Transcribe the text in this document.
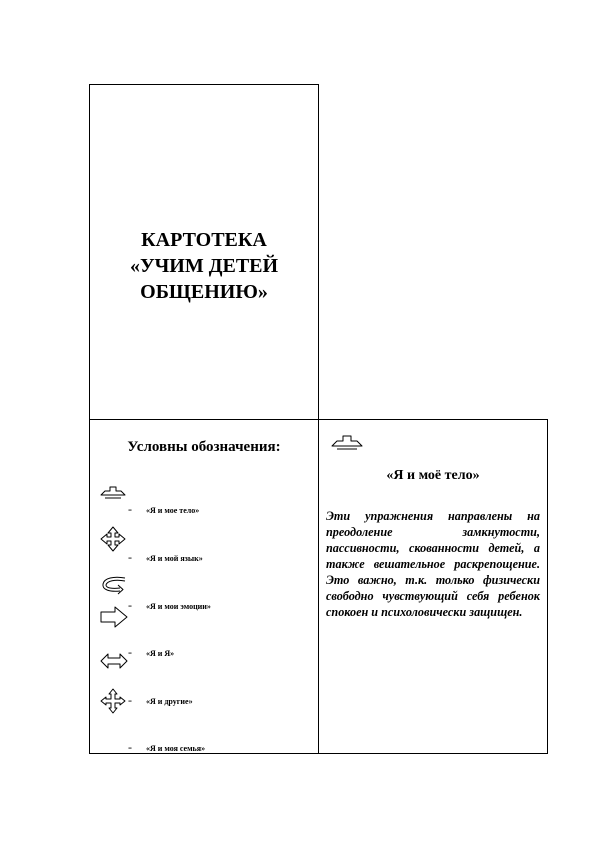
КАРТОТЕКА
«УЧИМ ДЕТЕЙ
ОБЩЕНИЮ»
Условны обозначения:
- «Я и мое тело»
- «Я и мой язык»
- «Я и мои эмоции»
- «Я и Я»
- «Я и другие»
- «Я и моя семья»
«Я и моё тело»

Эти упражнения направлены на преодоление замкнутости, пассивности, скованности детей, а также вешательное раскрепощение. Это важно, т.к. только физически свободно чувствующий себя ребенок спокоен и психоловически защищен.
